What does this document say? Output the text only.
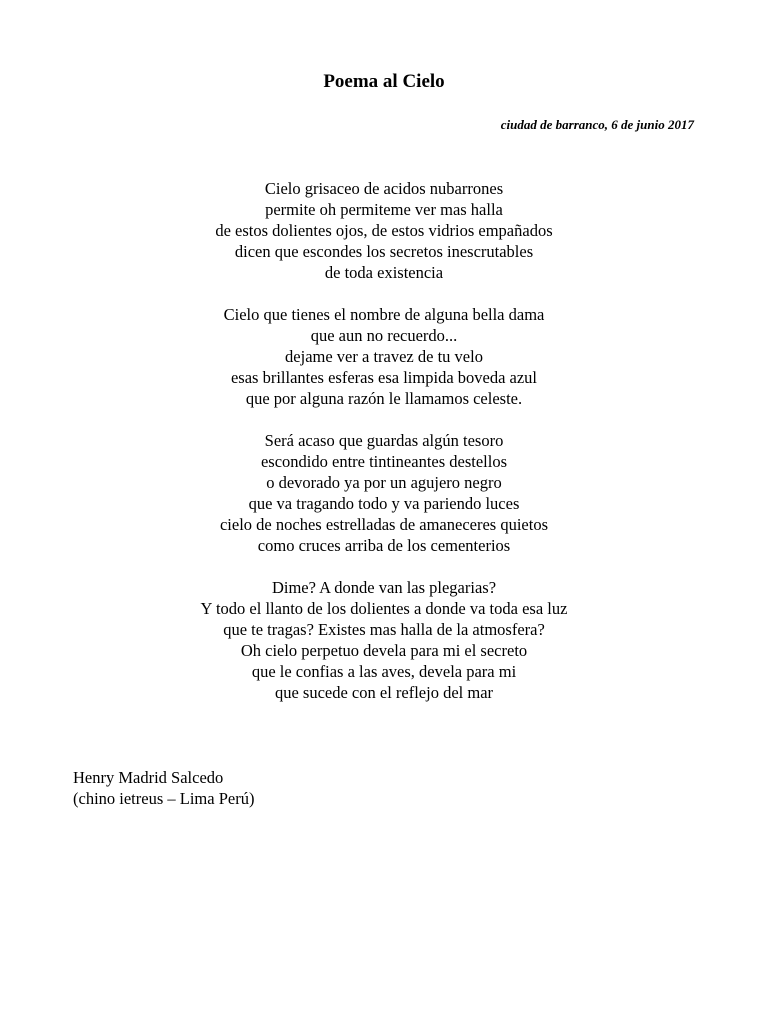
Poema al Cielo
ciudad de barranco, 6 de junio 2017
Cielo grisaceo de acidos nubarrones
permite oh permiteme ver mas halla
de estos dolientes ojos, de estos vidrios empañados
dicen que escondes los secretos inescrutables
de toda existencia
Cielo que tienes el nombre de alguna bella dama
que aun no recuerdo...
dejame ver a travez de tu velo
esas brillantes esferas esa limpida boveda azul
que por alguna razón le llamamos celeste.
Será acaso que guardas algún tesoro
escondido entre tintineantes destellos
o devorado ya por un agujero negro
que va tragando todo y va pariendo luces
cielo de noches estrelladas de amaneceres quietos
como cruces arriba de los cementerios
Dime? A donde van las plegarias?
Y todo el llanto de los dolientes a donde va toda esa luz
que te tragas? Existes mas halla de la atmosfera?
Oh cielo perpetuo devela para mi el secreto
que le confias a las aves, devela para mi
que sucede con el reflejo del mar
Henry Madrid Salcedo
(chino ietreus – Lima Perú)
